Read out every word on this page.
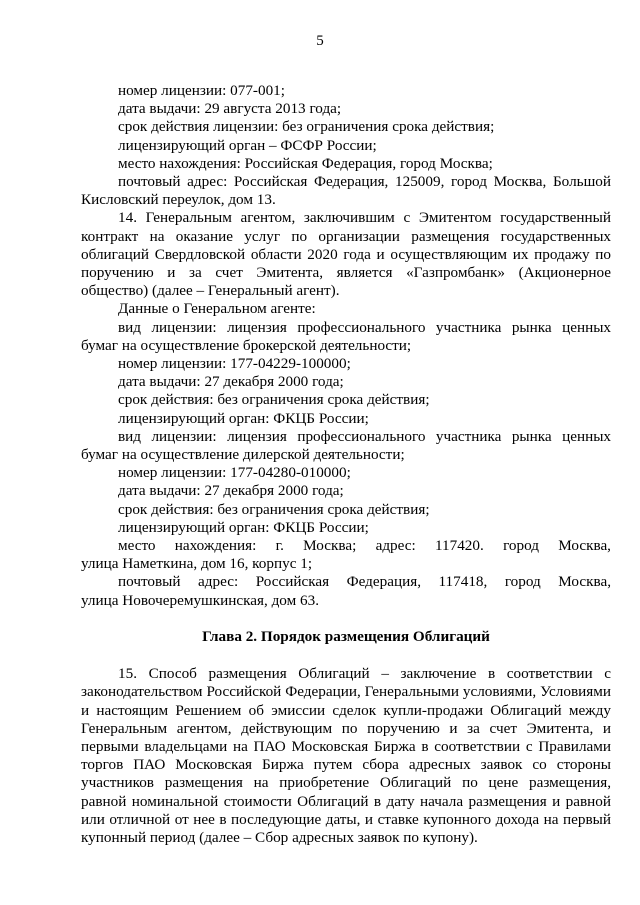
5

номер лицензии: 077-001;

дата выдачи: 29 августа 2013 года;

срок действия лицензии: без ограничения срока действия;

лицензирующий орган – ФСФР России;

место нахождения: Российская Федерация, город Москва;

почтовый адрес: Российская Федерация, 125009, город Москва, Большой Кисловский переулок, дом 13.

14. Генеральным агентом, заключившим с Эмитентом государственный контракт на оказание услуг по организации размещения государственных облигаций Свердловской области 2020 года и осуществляющим их продажу по поручению и за счет Эмитента, является «Газпромбанк» (Акционерное общество) (далее – Генеральный агент).

Данные о Генеральном агенте:

вид лицензии: лицензия профессионального участника рынка ценных бумаг на осуществление брокерской деятельности;

номер лицензии: 177-04229-100000;

дата выдачи: 27 декабря 2000 года;

срок действия: без ограничения срока действия;

лицензирующий орган: ФКЦБ России;

вид лицензии: лицензия профессионального участника рынка ценных бумаг на осуществление дилерской деятельности;

номер лицензии: 177-04280-010000;

дата выдачи: 27 декабря 2000 года;

срок действия: без ограничения срока действия;

лицензирующий орган: ФКЦБ России;

место нахождения: г. Москва; адрес: 117420. город Москва,

улица Наметкина, дом 16, корпус 1;

почтовый адрес: Российская Федерация, 117418, город Москва,

улица Новочеремушкинская, дом 63.

Глава 2. Порядок размещения Облигаций

15. Способ размещения Облигаций – заключение в соответствии с законодательством Российской Федерации, Генеральными условиями, Условиями и настоящим Решением об эмиссии сделок купли-продажи Облигаций между Генеральным агентом, действующим по поручению и за счет Эмитента, и первыми владельцами на ПАО Московская Биржа в соответствии с Правилами торгов ПАО Московская Биржа путем сбора адресных заявок со стороны участников размещения на приобретение Облигаций по цене размещения, равной номинальной стоимости Облигаций в дату начала размещения и равной или отличной от нее в последующие даты, и ставке купонного дохода на первый купонный период (далее – Сбор адресных заявок по купону).
